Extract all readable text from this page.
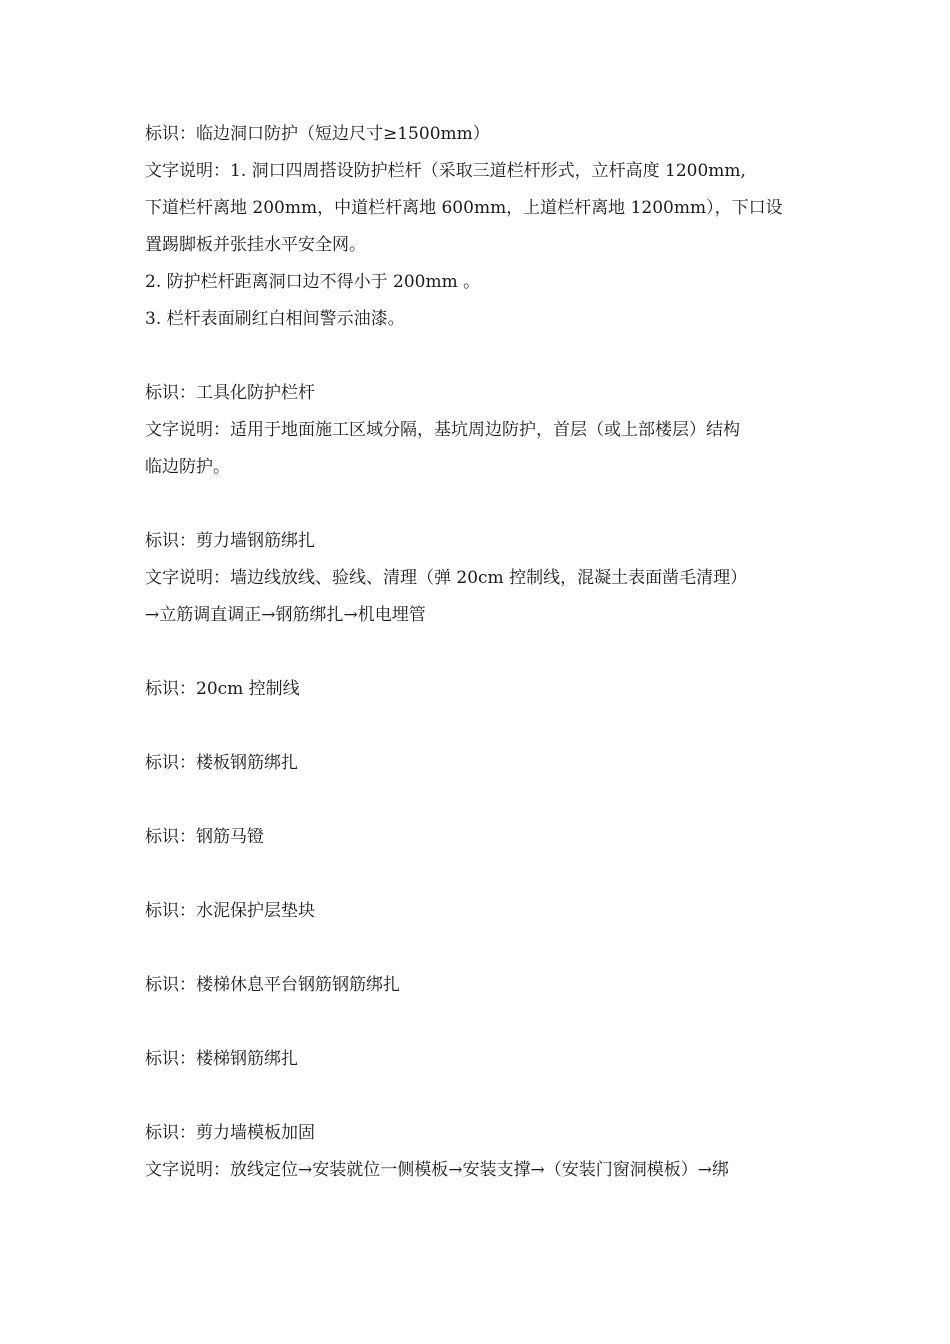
标识：临边洞口防护（短边尺寸≥1500mm）

文字说明：1. 洞口四周搭设防护栏杆（采取三道栏杆形式，立杆高度 1200mm,

下道栏杆离地 200mm，中道栏杆离地 600mm，上道栏杆离地 1200mm），下口设

置踢脚板并张挂水平安全网。

2. 防护栏杆距离洞口边不得小于 200mm 。

3. 栏杆表面刷红白相间警示油漆。

标识：工具化防护栏杆

文字说明：适用于地面施工区域分隔，基坑周边防护，首层（或上部楼层）结构

临边防护。

标识：剪力墙钢筋绑扎

文字说明：墙边线放线、验线、清理（弹 20cm 控制线，混凝土表面凿毛清理）

→立筋调直调正→钢筋绑扎→机电埋管

标识：20cm 控制线

标识：楼板钢筋绑扎

标识：钢筋马镫

标识：水泥保护层垫块

标识：楼梯休息平台钢筋钢筋绑扎

标识：楼梯钢筋绑扎

标识：剪力墙模板加固

文字说明：放线定位→安装就位一侧模板→安装支撑→（安装门窗洞模板）→绑
